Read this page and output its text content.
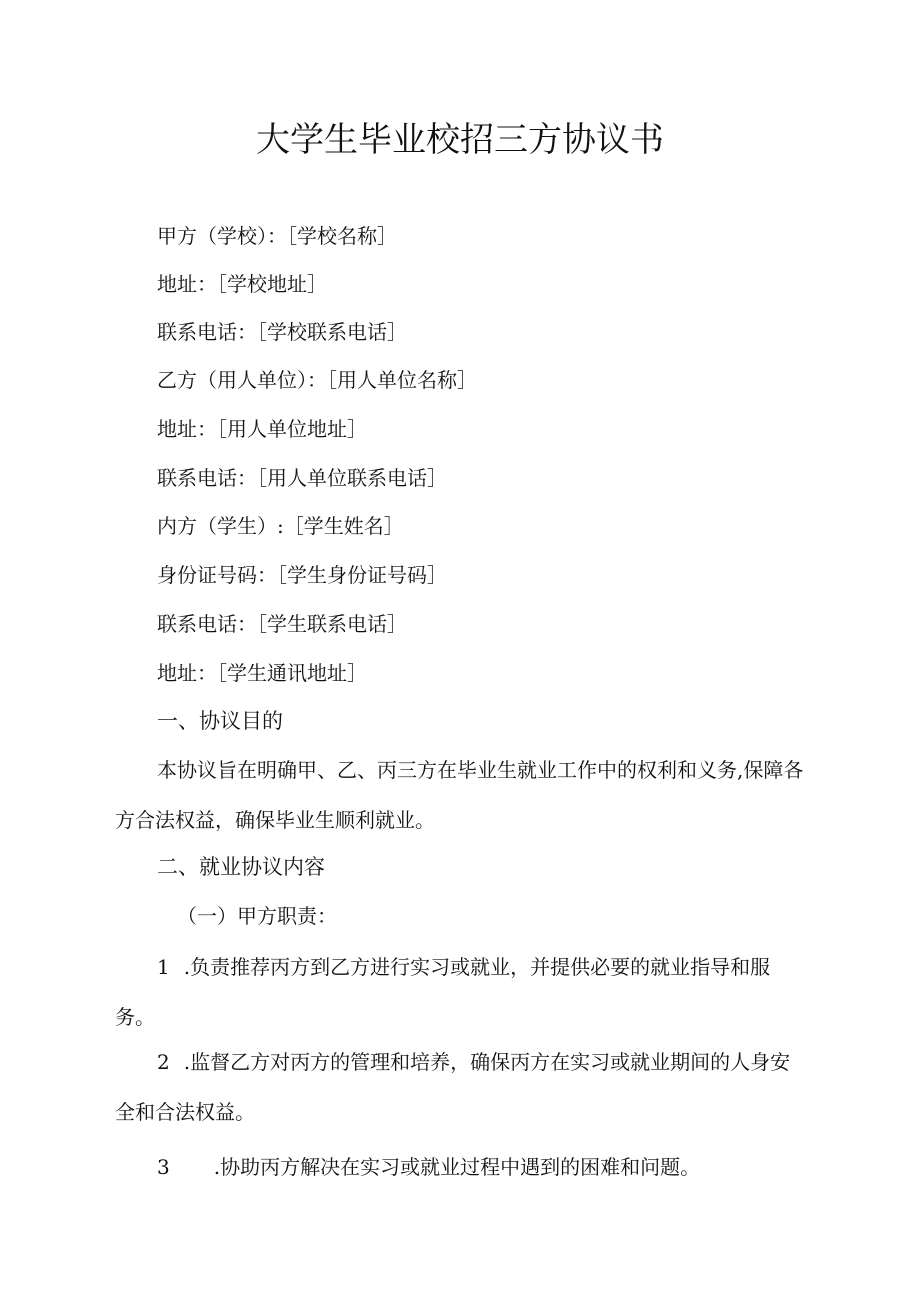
大学生毕业校招三方协议书
甲方（学校）：［学校名称］
地址：［学校地址］
联系电话：［学校联系电话］
乙方（用人单位）：［用人单位名称］
地址：［用人单位地址］
联系电话：［用人单位联系电话］
内方（学生）:［学生姓名］
身份证号码：［学生身份证号码］
联系电话：［学生联系电话］
地址：［学生通讯地址］
一、协议目的

本协议旨在明确甲、乙、丙三方在毕业生就业工作中的权利和义务,保障各
方合法权益，确保毕业生顺利就业。

二、就业协议内容
（一）甲方职责：

1 .负责推荐丙方到乙方进行实习或就业，并提供必要的就业指导和服
务。

2 .监督乙方对丙方的管理和培养，确保丙方在实习或就业期间的人身安
全和合法权益。

3 .协助丙方解决在实习或就业过程中遇到的困难和问题。
